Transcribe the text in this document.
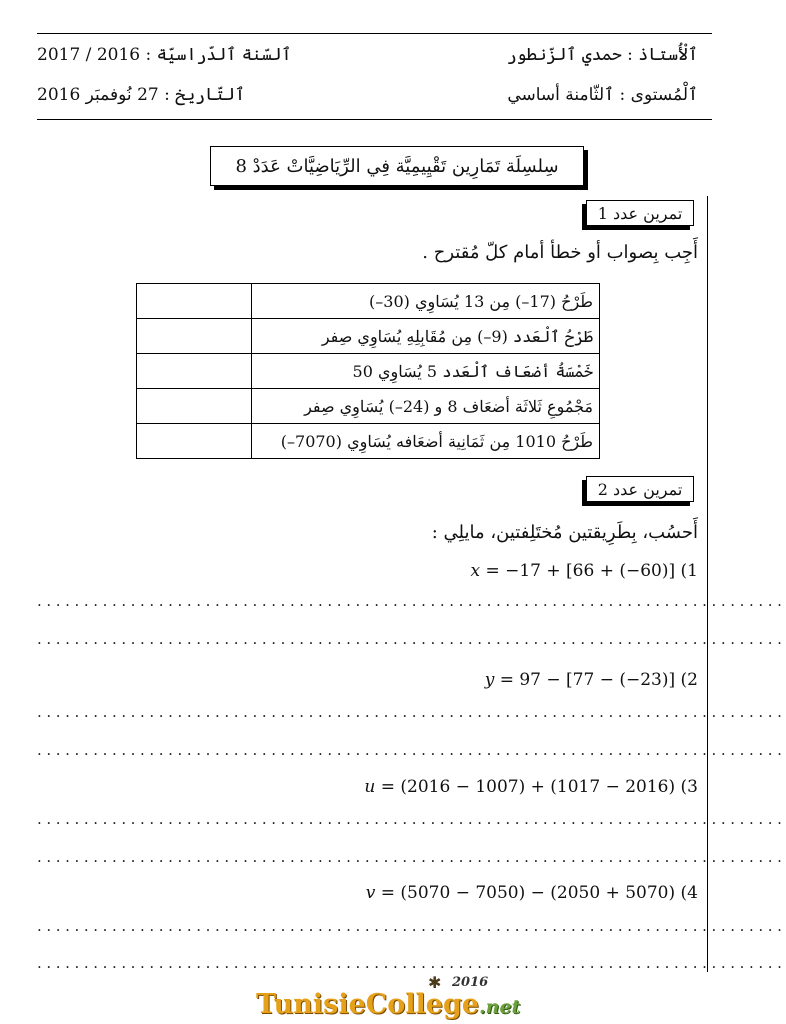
ٱلْأُستاذ : حمدي ٱلزّنطور
ٱلسّنة ٱلدّراسيّة : 2016 / 2017
ٱلْمُستوى : ٱلثّامنة أساسي
ٱلتّاريخ : 27 نُوفمبَر 2016
سِلسِلَة تَمَارِين تَقْيِيمِيَّة فِي الرِّيَاضِيَّاتْ عَدَدْ 8
تمرين عدد 1
أَجِب بِصواب أو خطأ أمام كلّ مُقترح .
	طَرْحُ (17–) مِن 13 يُسَاوِي (30–)
	طَرْحُ ٱلْعَدد (9–) مِن مُقَابِلِهِ يُسَاوِي صِفر
	خَمْسَةُ أضعَاف ٱلْعَدد 5 يُسَاوِي 50
	مَجْمُوعِ ثَلاثَة أضعَاف 8 و (24–) يُسَاوِي صِفر
	طَرْحُ 1010 مِن ثَمَانِية أضعَافه يُسَاوِي (7070–)
تمرين عدد 2
أَحسُب، بِطَرِيقتين مُختَلِفتين، مايلِي :
x = −17 + [66 + (−60)] (1
................................................................................
................................................................................
y = 97 − [77 − (−23)] (2
................................................................................
................................................................................
u = (2016 − 1007) + (1017 − 2016) (3
................................................................................
................................................................................
v = (5070 − 7050) − (2050 + 5070) (4
................................................................................
................................................................................
✱ 2016
TunisieCollege.net
